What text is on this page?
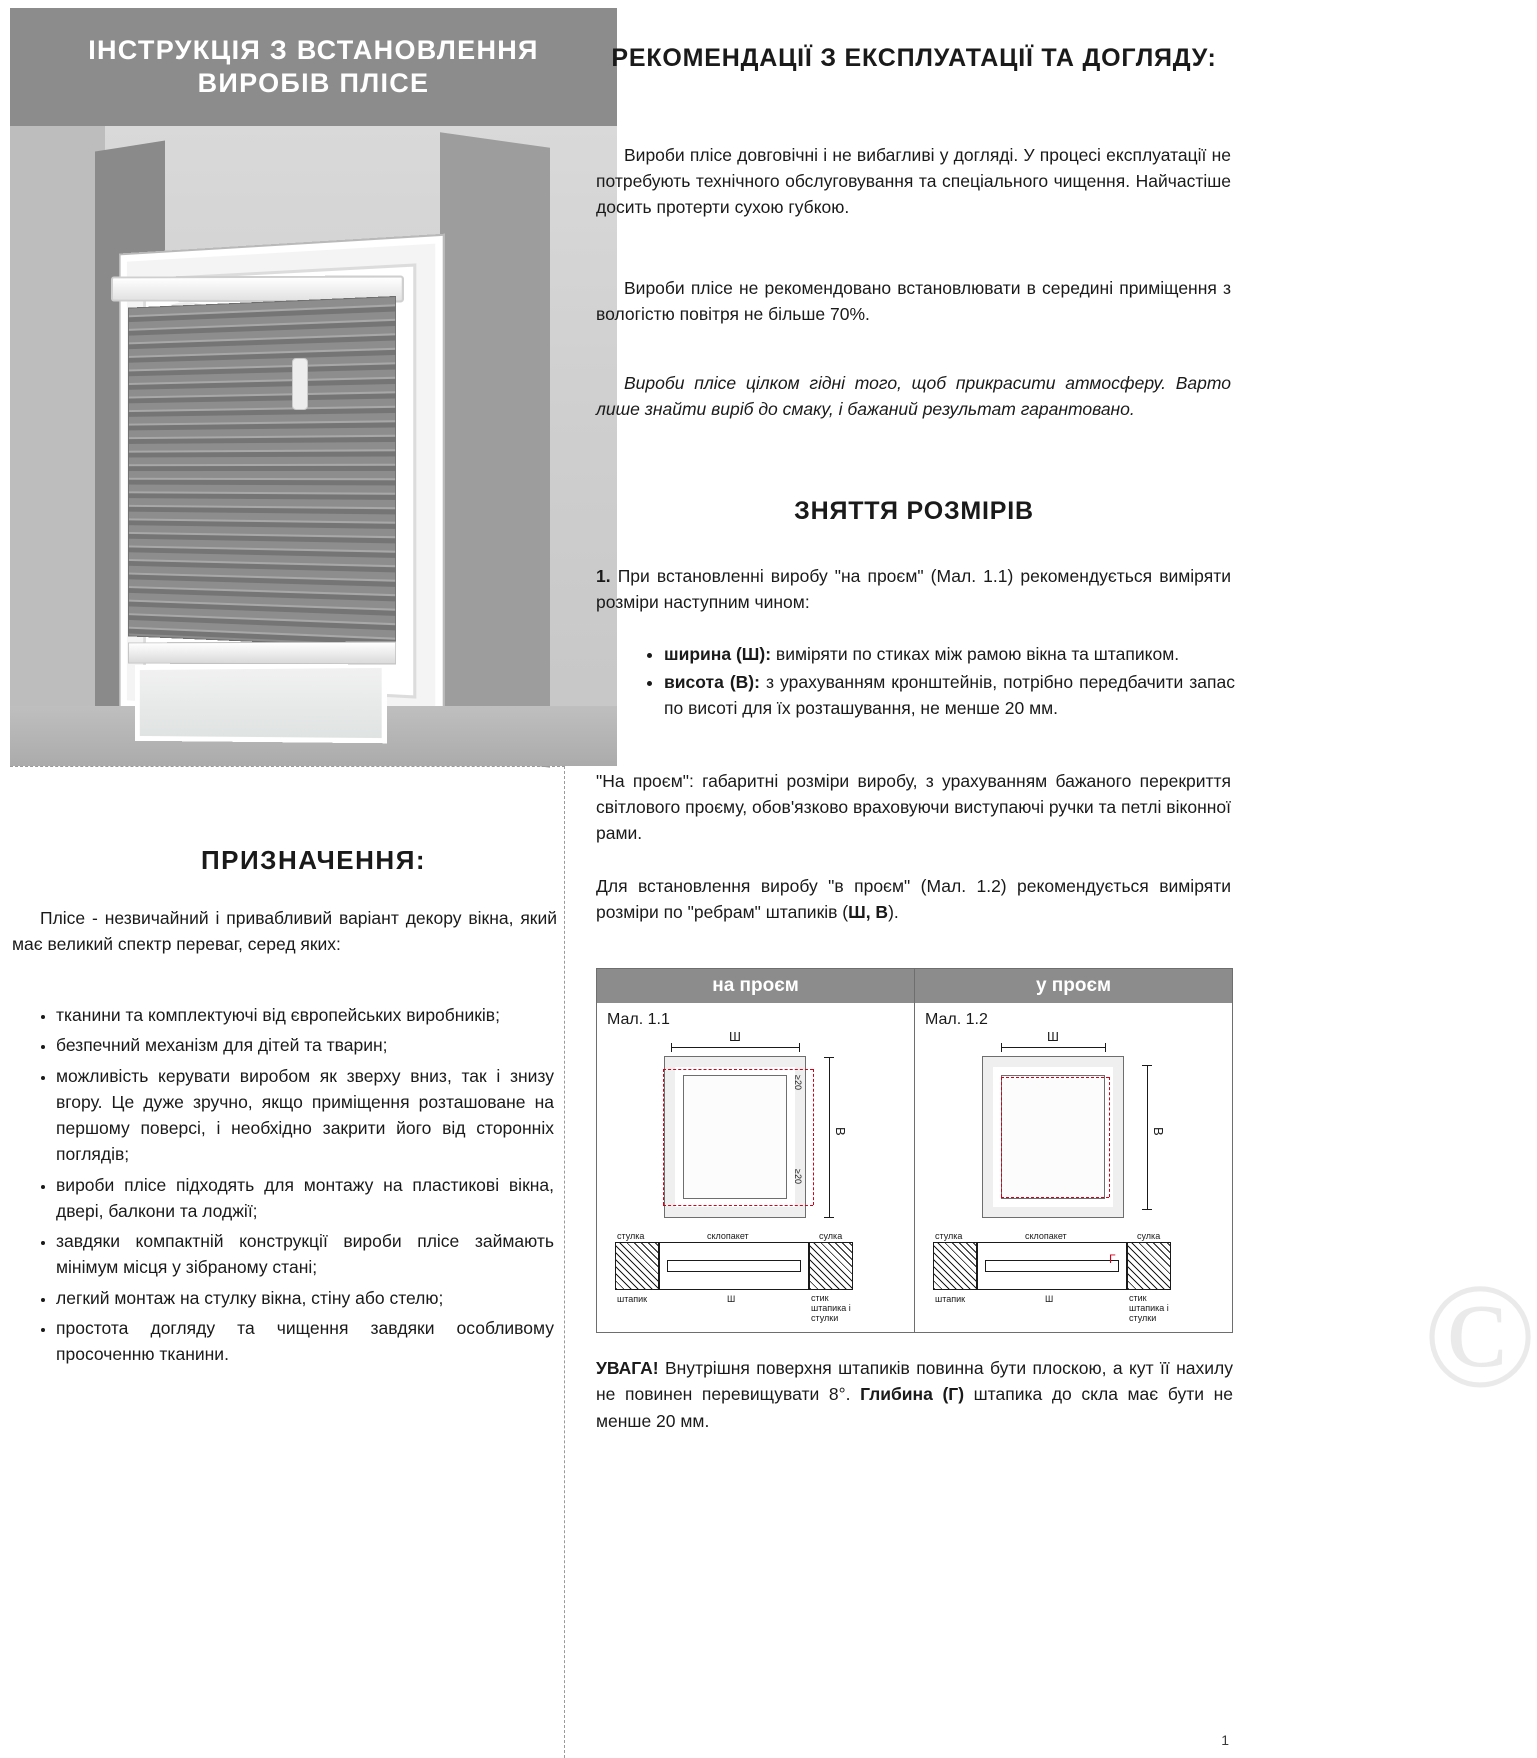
ІНСТРУКЦІЯ З ВСТАНОВЛЕННЯ
ВИРОБІВ ПЛІСЕ
ПРИЗНАЧЕННЯ:
Пліcе - незвичайний і привабливий варіант декору вікна, який має великий спектр переваг, серед яких:
• тканини та комплектуючі від європейських виробників;
• безпечний механізм для дітей та тварин;
• можливість керувати виробом як зверху вниз, так і знизу вгору. Це дуже зручно, якщо приміщення розташоване на першому поверсі, і необхідно закрити його від сторонніх поглядів;
• вироби пліcе підходять для монтажу на пластикові вікна, двері, балкони та лоджії;
• завдяки компактній конструкції вироби пліcе займають мінімум місця у зібраному стані;
• легкий монтаж на стулку вікна, стіну або стелю;
• простота догляду та чищення завдяки особливому просоченню тканини.
РЕКОМЕНДАЦІЇ З ЕКСПЛУАТАЦІЇ ТА ДОГЛЯДУ:
Вироби пліcе довговічні і не вибагливі у догляді. У процесі експлуатації не потребують технічного обслуговування та спеціального чищення. Найчастіше досить протерти сухою губкою.
Вироби пліcе не рекомендовано встановлювати в середині приміщення з вологістю повітря не більше 70%.
Вироби пліcе цілком гідні того, щоб прикрасити атмосферу. Варто лише знайти виріб до смаку, і бажаний результат гарантовано.
ЗНЯТТЯ РОЗМІРІВ
1. При встановленні виробу "на проєм" (Мал. 1.1) рекомендується виміряти розміри наступним чином:
• ширина (Ш): виміряти по стиках між рамою вікна та штапиком.
• висота (В): з урахуванням кронштейнів, потрібно передбачити запас по висоті для їх розташування, не менше 20 мм.
"На проєм": габаритні розміри виробу, з урахуванням бажаного перекриття світлового проєму, обов'язково враховуючи виступаючі ручки та петлі віконної рами.
Для встановлення виробу "в проєм" (Мал. 1.2) рекомендується виміряти розміри по "ребрам" штапиків (Ш, В).
на проєм
Мал. 1.1
Ш
В
≥20
≥20
стулка	склопакет	сулка
штапик	Ш	стик штапика і стулки
у проєм
Мал. 1.2
Ш
В
Г
стулка	склопакет	сулка
штапик	Ш	стик штапика і стулки ©
УВАГА! Внутрішня поверхня штапиків повинна бути плоскою, а кут її нахилу не повинен перевищувати 8°. Глибина (Г) штапика до скла має бути не менше 20 мм.
1
